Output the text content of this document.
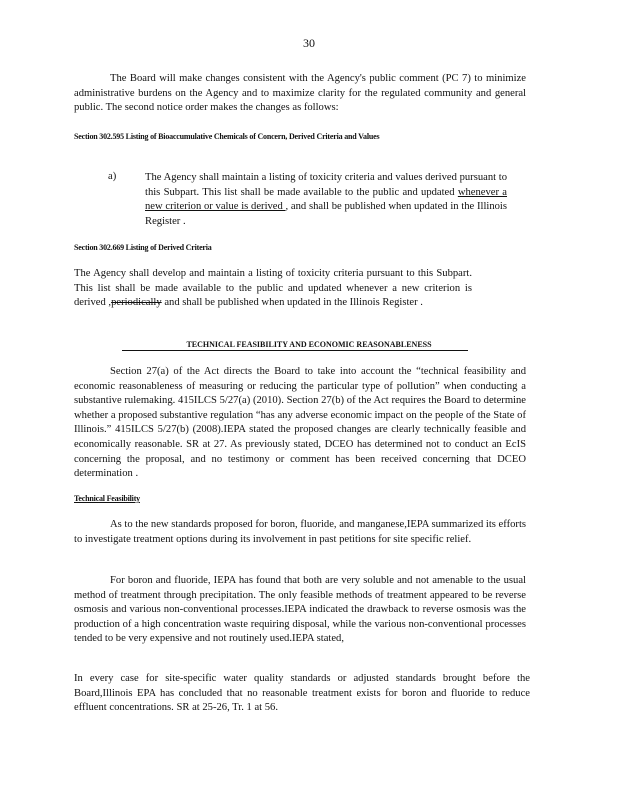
30
The Board will make changes consistent with the Agency's public comment (PC 7) to minimize administrative burdens on the Agency and to maximize clarity for the regulated community and general public. The second notice order makes the changes as follows:
Section 302.595 Listing of Bioaccumulative Chemicals of Concern, Derived Criteria and Values
a)	The Agency shall maintain a listing of toxicity criteria and values derived pursuant to this Subpart. This list shall be made available to the public and updated whenever a new criterion or value is derived , and shall be published when updated in the Illinois Register .
Section 302.669 Listing of Derived Criteria
The Agency shall develop and maintain a listing of toxicity criteria pursuant to this Subpart. This list shall be made available to the public and updated whenever a new criterion is derived ,periodically and shall be published when updated in the Illinois Register .
TECHNICAL FEASIBILITY AND ECONOMIC REASONABLENESS
Section 27(a) of the Act directs the Board to take into account the “technical feasibility and economic reasonableness of measuring or reducing the particular type of pollution” when conducting a substantive rulemaking. 415ILCS 5/27(a) (2010). Section 27(b) of the Act requires the Board to determine whether a proposed substantive regulation “has any adverse economic impact on the people of the State of Illinois.” 415ILCS 5/27(b) (2008).IEPA stated the proposed changes are clearly technically feasible and economically reasonable. SR at 27. As previously stated, DCEO has determined not to conduct an EcIS concerning the proposal, and no testimony or comment has been received concerning that DCEO determination .
Technical Feasibility
As to the new standards proposed for boron, fluoride, and manganese,IEPA summarized its efforts to investigate treatment options during its involvement in past petitions for site specific relief.
For boron and fluoride, IEPA has found that both are very soluble and not amenable to the usual method of treatment through precipitation. The only feasible methods of treatment appeared to be reverse osmosis and various non-conventional processes.IEPA indicated the drawback to reverse osmosis was the production of a high concentration waste requiring disposal, while the various non-conventional processes tended to be very expensive and not routinely used.IEPA stated,
In every case for site-specific water quality standards or adjusted standards brought before the Board,Illinois EPA has concluded that no reasonable treatment exists for boron and fluoride to reduce effluent concentrations. SR at 25-26, Tr. 1 at 56.
